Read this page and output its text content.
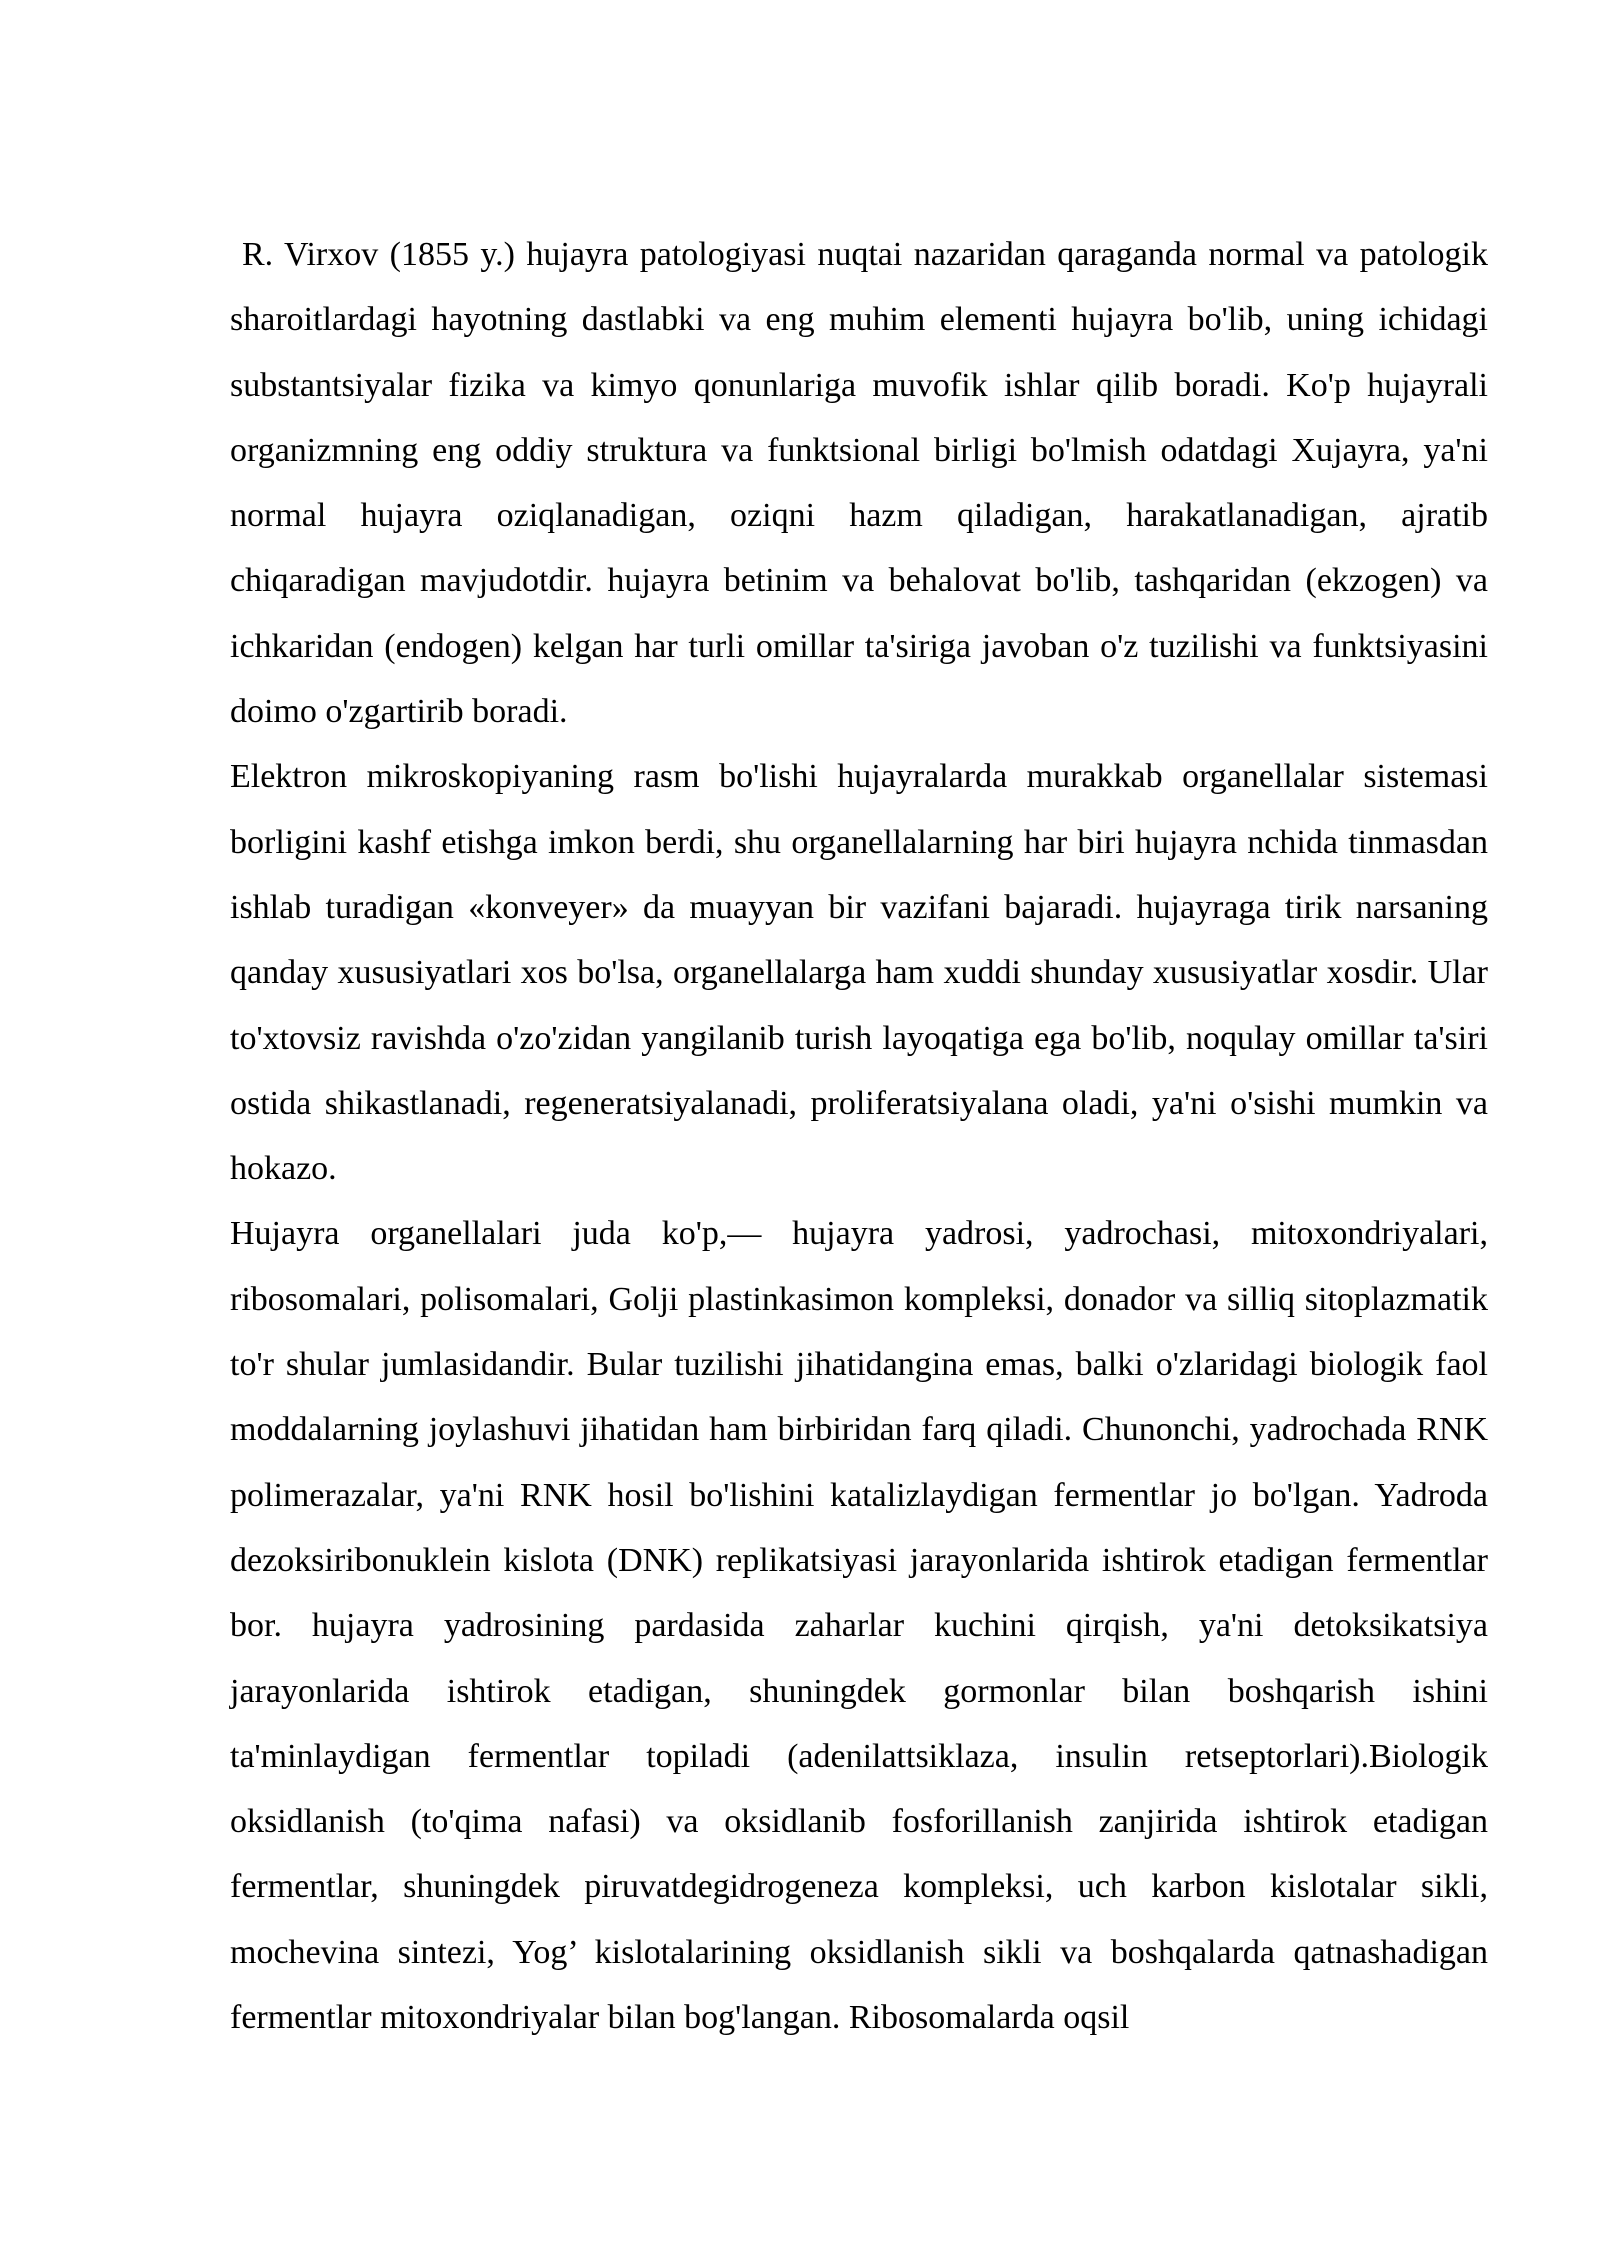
R. Virxov (1855 y.) hujayra patologiyasi nuqtai nazaridan qaraganda normal va patologik sharoitlardagi hayotning dastlabki va eng muhim elementi hujayra bo'lib, uning ichidagi substantsiyalar fizika va kimyo qonunlariga muvofik ishlar qilib boradi. Ko'p hujayrali organizmning eng oddiy struktura va funktsional birligi bo'lmish odatdagi Xujayra, ya'ni normal hujayra oziqlanadigan, oziqni hazm qiladigan, harakatlanadigan, ajratib chiqaradigan mavjudotdir. hujayra betinim va behalovat bo'lib, tashqaridan (ekzogen) va ichkaridan (endogen) kelgan har turli omillar ta'siriga javoban o'z tuzilishi va funktsiyasini doimo o'zgartirib boradi.

Elektron mikroskopiyaning rasm bo'lishi hujayralarda murakkab organellalar sistemasi borligini kashf etishga imkon berdi, shu organellalarning har biri hujayra nchida tinmasdan ishlab turadigan «konveyer» da muayyan bir vazifani bajaradi. hujayraga tirik narsaning qanday xususiyatlari xos bo'lsa, organellalarga ham xuddi shunday xususiyatlar xosdir. Ular to'xtovsiz ravishda o'zo'zidan yangilanib turish layoqatiga ega bo'lib, noqulay omillar ta'siri ostida shikastlanadi, regeneratsiyalanadi, proliferatsiyalana oladi, ya'ni o'sishi mumkin va hokazo.

Hujayra organellalari juda ko'p,— hujayra yadrosi, yadrochasi, mitoxondriyalari, ribosomalari, polisomalari, Golji plastinkasimon kompleksi, donador va silliq sitoplazmatik to'r shular jumlasidandir. Bular tuzilishi jihatidangina emas, balki o'zlaridagi biologik faol moddalarning joylashuvi jihatidan ham birbiridan farq qiladi. Chunonchi, yadrochada RNK polimerazalar, ya'ni RNK hosil bo'lishini katalizlaydigan fermentlar jo bo'lgan. Yadroda dezoksiribonuklein kislota (DNK) replikatsiyasi jarayonlarida ishtirok etadigan fermentlar bor. hujayra yadrosining pardasida zaharlar kuchini qirqish, ya'ni detoksikatsiya jarayonlarida ishtirok etadigan, shuningdek gormonlar bilan boshqarish ishini ta'minlaydigan fermentlar topiladi (adenilattsiklaza, insulin retseptorlari).Biologik oksidlanish (to'qima nafasi) va oksidlanib fosforillanish zanjirida ishtirok etadigan fermentlar, shuningdek piruvatdegidrogeneza kompleksi, uch karbon kislotalar sikli, mochevina sintezi, Yog’ kislotalarining oksidlanish sikli va boshqalarda qatnashadigan fermentlar mitoxondriyalar bilan bog'langan. Ribosomalarda oqsil
